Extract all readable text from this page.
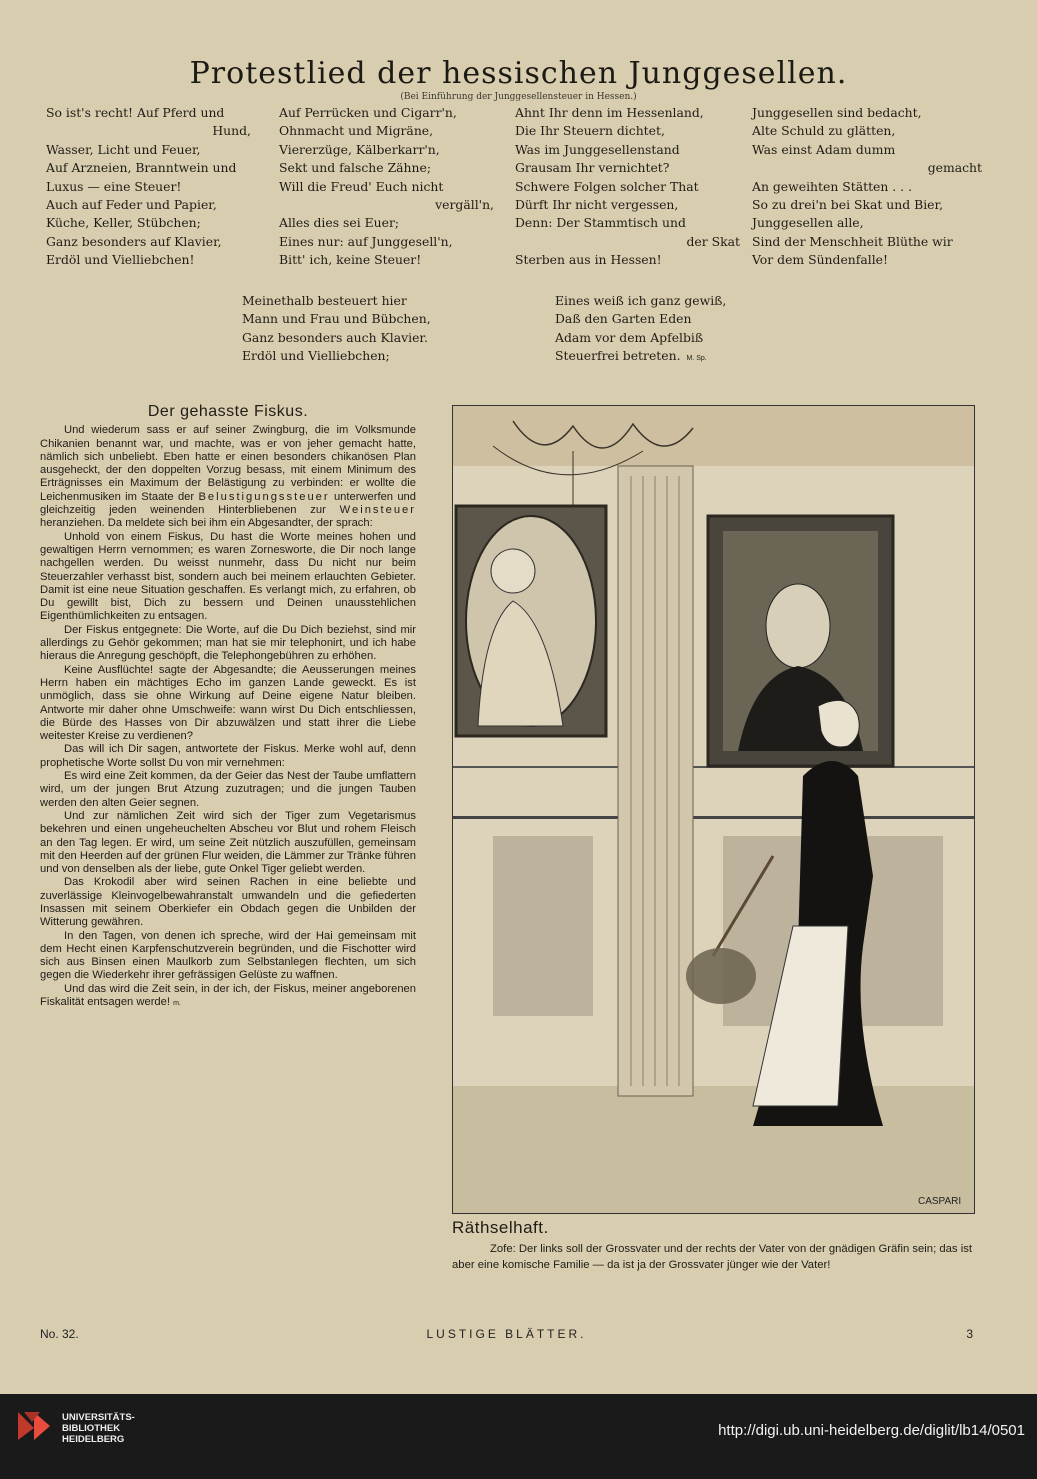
Protestlied der hessischen Junggesellen.
(Bei Einführung der Junggesellensteuer in Hessen.)
So ist's recht! Auf Pferd und
Hund,
Wasser, Licht und Feuer,
Auf Arzneien, Branntwein und
Luxus — eine Steuer!
Auch auf Feder und Papier,
Küche, Keller, Stübchen;
Ganz besonders auf Klavier,
Erdöl und Vielliebchen!
Auf Perrücken und Cigarr'n,
Ohnmacht und Migräne,
Viererzüge, Kälberkarr'n,
Sekt und falsche Zähne;
Will die Freud' Euch nicht
vergäll'n,
Alles dies sei Euer;
Eines nur: auf Junggesell'n,
Bitt' ich, keine Steuer!
Ahnt Ihr denn im Hessenland,
Die Ihr Steuern dichtet,
Was im Junggesellenstand
Grausam Ihr vernichtet?
Schwere Folgen solcher That
Dürft Ihr nicht vergessen,
Denn: Der Stammtisch und
der Skat
Sterben aus in Hessen!
Junggesellen sind bedacht,
Alte Schuld zu glätten,
Was einst Adam dumm
gemacht
An geweihten Stätten . . .
So zu drei'n bei Skat und Bier,
Junggesellen alle,
Sind der Menschheit Blüthe wir
Vor dem Sündenfalle!
Meinethalb besteuert hier
Mann und Frau und Bübchen,
Ganz besonders auch Klavier.
Erdöl und Vielliebchen;
Eines weiß ich ganz gewiß,
Daß den Garten Eden
Adam vor dem Apfelbiß
Steuerfrei betreten. M. Sp.
Der gehasste Fiskus.

Und wiederum sass er auf seiner Zwingburg, die im Volksmunde Chikanien benannt war, und machte, was er von jeher gemacht hatte, nämlich sich unbeliebt. Eben hatte er einen besonders chikanösen Plan ausgeheckt, der den doppelten Vorzug besass, mit einem Minimum des Erträgnisses ein Maximum der Belästigung zu verbinden: er wollte die Leichenmusiken im Staate der Belustigungssteuer unterwerfen und gleichzeitig jeden weinenden Hinterbliebenen zur Weinsteuer heranziehen. Da meldete sich bei ihm ein Abgesandter, der sprach:

Unhold von einem Fiskus, Du hast die Worte meines hohen und gewaltigen Herrn vernommen; es waren Zornesworte, die Dir noch lange nachgellen werden. Du weisst nunmehr, dass Du nicht nur beim Steuerzahler verhasst bist, sondern auch bei meinem erlauchten Gebieter. Damit ist eine neue Situation geschaffen. Es verlangt mich, zu erfahren, ob Du gewillt bist, Dich zu bessern und Deinen unausstehlichen Eigenthümlichkeiten zu entsagen.

Der Fiskus entgegnete: Die Worte, auf die Du Dich beziehst, sind mir allerdings zu Gehör gekommen; man hat sie mir telephonirt, und ich habe hieraus die Anregung geschöpft, die Telephongebühren zu erhöhen.

Keine Ausflüchte! sagte der Abgesandte; die Aeusserungen meines Herrn haben ein mächtiges Echo im ganzen Lande geweckt. Es ist unmöglich, dass sie ohne Wirkung auf Deine eigene Natur bleiben. Antworte mir daher ohne Umschweife: wann wirst Du Dich entschliessen, die Bürde des Hasses von Dir abzuwälzen und statt ihrer die Liebe weitester Kreise zu verdienen?

Das will ich Dir sagen, antwortete der Fiskus. Merke wohl auf, denn prophetische Worte sollst Du von mir vernehmen:

Es wird eine Zeit kommen, da der Geier das Nest der Taube umflattern wird, um der jungen Brut Atzung zuzutragen; und die jungen Tauben werden den alten Geier segnen.

Und zur nämlichen Zeit wird sich der Tiger zum Vegetarismus bekehren und einen ungeheuchelten Abscheu vor Blut und rohem Fleisch an den Tag legen. Er wird, um seine Zeit nützlich auszufüllen, gemeinsam mit den Heerden auf der grünen Flur weiden, die Lämmer zur Tränke führen und von denselben als der liebe, gute Onkel Tiger geliebt werden.

Das Krokodil aber wird seinen Rachen in eine beliebte und zuverlässige Kleinvogelbewahranstalt umwandeln und die gefiederten Insassen mit seinem Oberkiefer ein Obdach gegen die Unbilden der Witterung gewähren.

In den Tagen, von denen ich spreche, wird der Hai gemeinsam mit dem Hecht einen Karpfenschutzverein begründen, und die Fischotter wird sich aus Binsen einen Maulkorb zum Selbstanlegen flechten, um sich gegen die Wiederkehr ihrer gefrässigen Gelüste zu waffnen.

Und das wird die Zeit sein, in der ich, der Fiskus, meiner angeborenen Fiskalität entsagen werde! m.

CASPARI
Räthselhaft.

Zofe: Der links soll der Grossvater und der rechts der Vater von der gnädigen Gräfin sein; das ist aber eine komische Familie — da ist ja der Grossvater jünger wie der Vater!

No. 32.	LUSTIGE BLÄTTER.	3
UNIVERSITÄTS-
BIBLIOTHEK
HEIDELBERG
http://digi.ub.uni-heidelberg.de/diglit/lb14/0501
